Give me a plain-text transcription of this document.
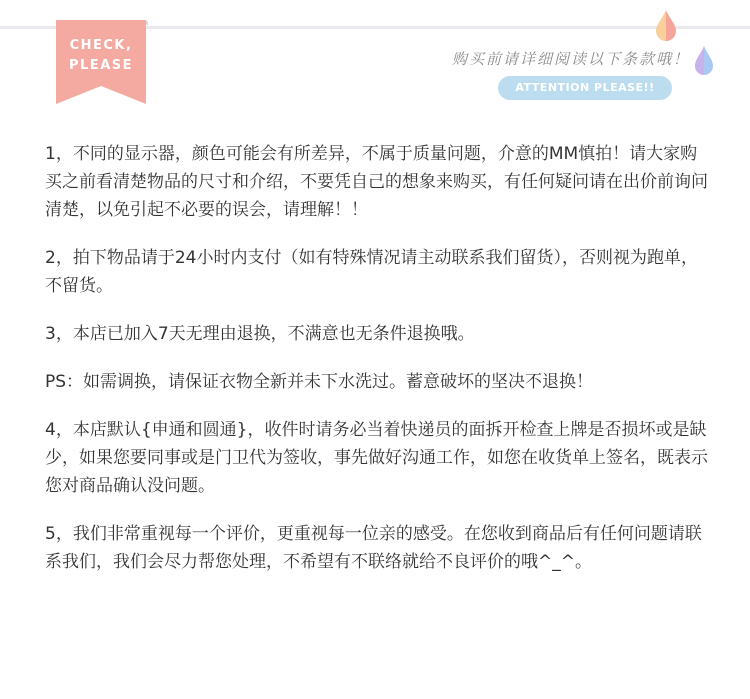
CHECK,
PLEASE	购买前请详细阅读以下条款哦！
ATTENTION PLEASE!!

1，不同的显示器，颜色可能会有所差异，不属于质量问题，介意的MM慎拍！请大家购买之前看清楚物品的尺寸和介绍，不要凭自己的想象来购买，有任何疑问请在出价前询问清楚，以免引起不必要的误会，请理解！！

2，拍下物品请于24小时内支付（如有特殊情况请主动联系我们留货），否则视为跑单，不留货。

3，本店已加入7天无理由退换，不满意也无条件退换哦。

PS：如需调换，请保证衣物全新并未下水洗过。蓄意破坏的坚决不退换！

4，本店默认{申通和圆通}，收件时请务必当着快递员的面拆开检查上牌是否损坏或是缺少，如果您要同事或是门卫代为签收，事先做好沟通工作，如您在收货单上签名，既表示您对商品确认没问题。

5，我们非常重视每一个评价，更重视每一位亲的感受。在您收到商品后有任何问题请联系我们，我们会尽力帮您处理，不希望有不联络就给不良评价的哦^_^。
